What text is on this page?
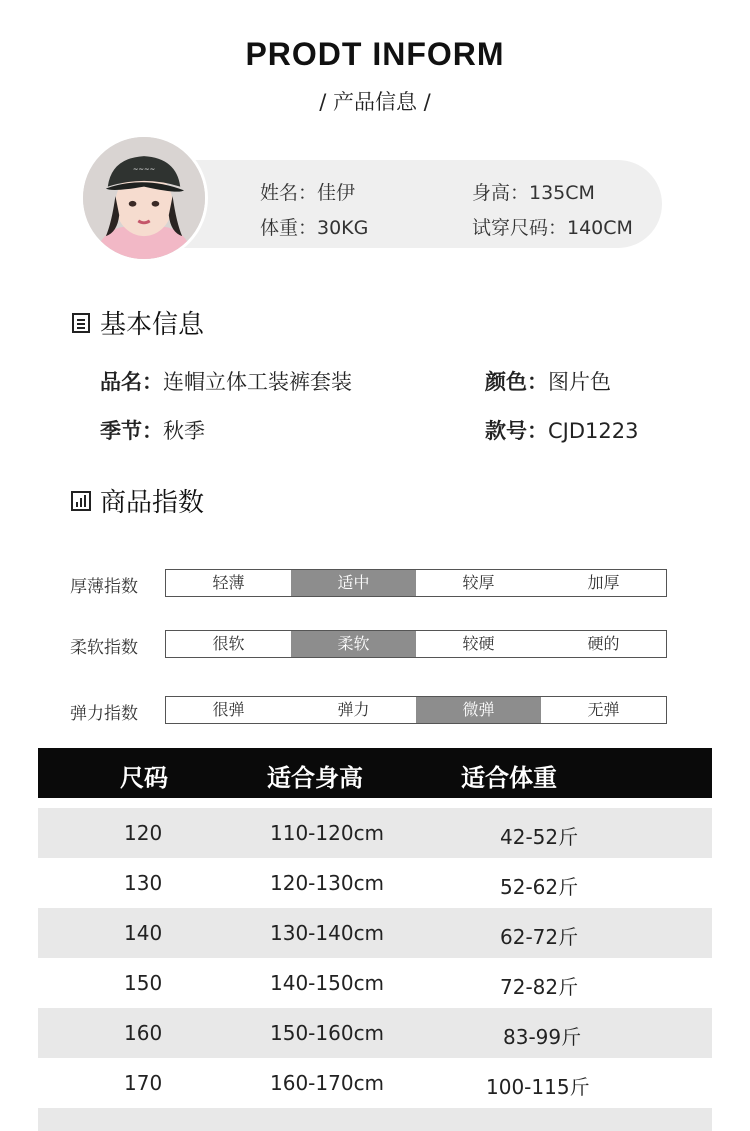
PRODT INFORM
/ 产品信息 /
~~~~
姓名：佳伊	身高：135CM
体重：30KG	试穿尺码：140CM
基本信息
品名：连帽立体工装裤套装	颜色：图片色
季节：秋季	款号：CJD1223
商品指数
厚薄指数	轻薄	适中	较厚	加厚
柔软指数	很软	柔软	较硬	硬的
弹力指数	很弹	弹力	微弹	无弹
尺码	适合身高	适合体重
120	110-120cm	42-52斤
130	120-130cm	52-62斤
140	130-140cm	62-72斤
150	140-150cm	72-82斤
160	150-160cm	83-99斤
170	160-170cm	100-115斤
